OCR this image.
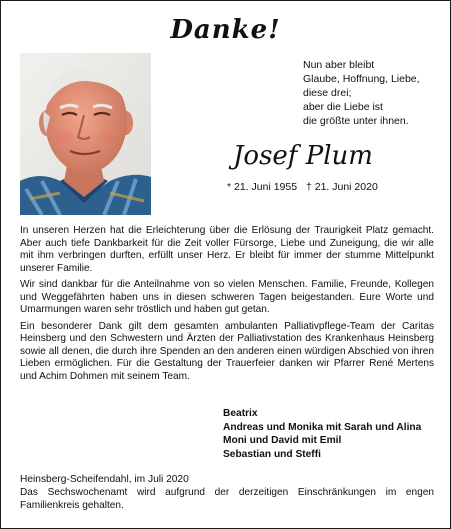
Danke!
Nun aber bleibt
Glaube, Hoffnung, Liebe,
diese drei;
aber die Liebe ist
die größte unter ihnen.
Josef Plum
* 21. Juni 1955 † 21. Juni 2020

In unseren Herzen hat die Erleichterung über die Erlösung der Traurigkeit Platz gemacht. Aber auch tiefe Dankbarkeit für die Zeit voller Fürsorge, Liebe und Zuneigung, die wir alle mit ihm verbringen durften, erfüllt unser Herz. Er bleibt für immer der stumme Mittelpunkt unserer Familie.

Wir sind dankbar für die Anteilnahme von so vielen Menschen. Familie, Freunde, Kollegen und Weggefährten haben uns in diesen schweren Tagen beigestanden. Eure Worte und Umarmungen waren sehr tröstlich und haben gut getan.

Ein besonderer Dank gilt dem gesamten ambulanten Palliativpflege-Team der Caritas Heinsberg und den Schwestern und Ärzten der Palliativstation des Krankenhaus Heinsberg sowie all denen, die durch ihre Spenden an den anderen einen würdigen Abschied von ihren Lieben ermöglichen. Für die Gestaltung der Trauerfeier danken wir Pfarrer René Mertens und Achim Dohmen mit seinem Team.

Beatrix
Andreas und Monika mit Sarah und Alina
Moni und David mit Emil
Sebastian und Steffi
Heinsberg-Scheifendahl, im Juli 2020
Das Sechswochenamt wird aufgrund der derzeitigen Einschränkungen im engen Familienkreis gehalten.
